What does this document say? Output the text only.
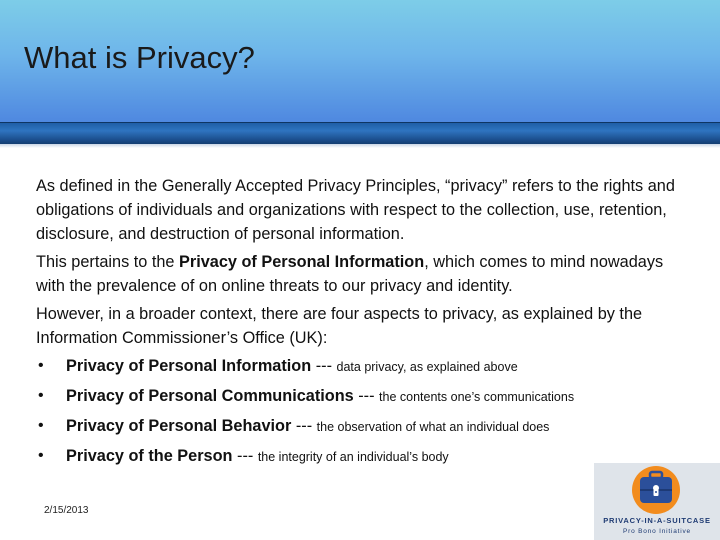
What is Privacy?

As defined in the Generally Accepted Privacy Principles, “privacy” refers to the rights and obligations of individuals and organizations with respect to the collection, use, retention, disclosure, and destruction of personal information.

This pertains to the Privacy of Personal Information, which comes to mind nowadays with the prevalence of on online threats to our privacy and identity.

However, in a broader context, there are four aspects to privacy, as explained by the Information Commissioner’s Office (UK):

• Privacy of Personal Information --- data privacy, as explained above
• Privacy of Personal Communications --- the contents one’s communications
• Privacy of Personal Behavior --- the observation of what an individual does
• Privacy of the Person --- the integrity of an individual’s body
2/15/2013
PRIVACY-IN-A-SUITCASE
Pro Bono Initiative
